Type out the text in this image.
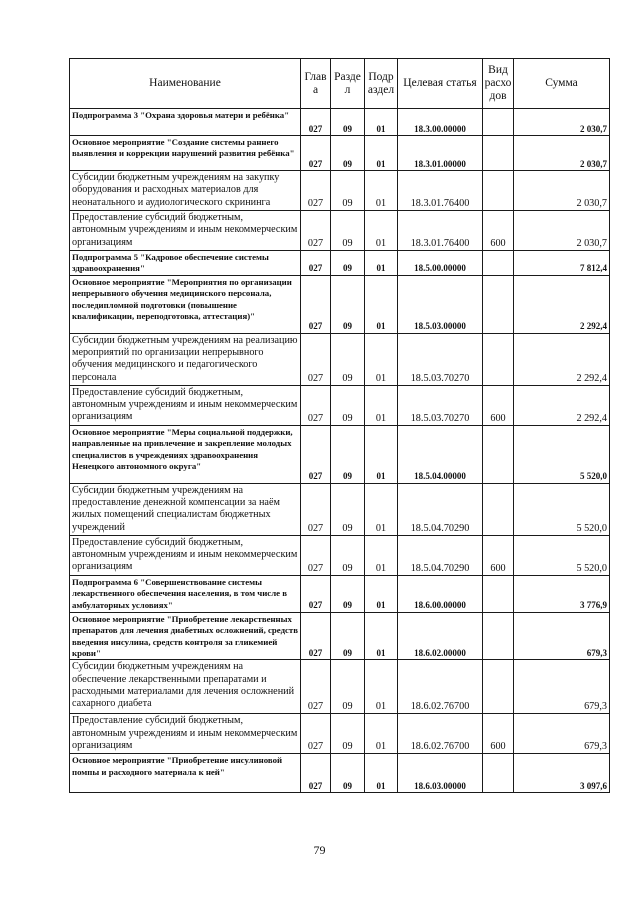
Наименование	Глав а	Разде л	Подр аздел	Целевая статья	Вид расхо дов	Сумма
Подпрограмма 3 "Охрана здоровья матери и ребёнка"	027	09	01	18.3.00.00000		2 030,7
Основное мероприятие "Создание системы раннего выявления и коррекции нарушений развития ребёнка"	027	09	01	18.3.01.00000		2 030,7
Субсидии бюджетным учреждениям на закупку оборудования и расходных материалов для неонатального и аудиологического скрининга	027	09	01	18.3.01.76400		2 030,7
Предоставление субсидий бюджетным, автономным учреждениям и иным некоммерческим организациям	027	09	01	18.3.01.76400	600	2 030,7
Подпрограмма 5 "Кадровое обеспечение системы здравоохранения"	027	09	01	18.5.00.00000		7 812,4
Основное мероприятие "Мероприятия по организации непрерывного обучения медицинского персонала, последипломной подготовки (повышение квалификации, переподготовка, аттестация)"	027	09	01	18.5.03.00000		2 292,4
Субсидии бюджетным учреждениям на реализацию мероприятий по организации непрерывного обучения медицинского и педагогического персонала	027	09	01	18.5.03.70270		2 292,4
Предоставление субсидий бюджетным, автономным учреждениям и иным некоммерческим организациям	027	09	01	18.5.03.70270	600	2 292,4
Основное мероприятие "Меры социальной поддержки, направленные на привлечение и закрепление молодых специалистов в учреждениях здравоохранения Ненецкого автономного округа"	027	09	01	18.5.04.00000		5 520,0
Субсидии бюджетным учреждениям на предоставление денежной компенсации за наём жилых помещений специалистам бюджетных учреждений	027	09	01	18.5.04.70290		5 520,0
Предоставление субсидий бюджетным, автономным учреждениям и иным некоммерческим организациям	027	09	01	18.5.04.70290	600	5 520,0
Подпрограмма 6 "Совершенствование системы лекарственного обеспечения населения, в том числе в амбулаторных условиях"	027	09	01	18.6.00.00000		3 776,9
Основное мероприятие "Приобретение лекарственных препаратов для лечения диабетных осложнений, средств введения инсулина, средств контроля за гликемией крови"	027	09	01	18.6.02.00000		679,3
Субсидии бюджетным учреждениям на обеспечение лекарственными препаратами и расходными материалами для лечения осложнений сахарного диабета	027	09	01	18.6.02.76700		679,3
Предоставление субсидий бюджетным, автономным учреждениям и иным некоммерческим организациям	027	09	01	18.6.02.76700	600	679,3
Основное мероприятие "Приобретение инсулиновой помпы и расходного материала к ней"	027	09	01	18.6.03.00000		3 097,6
79
